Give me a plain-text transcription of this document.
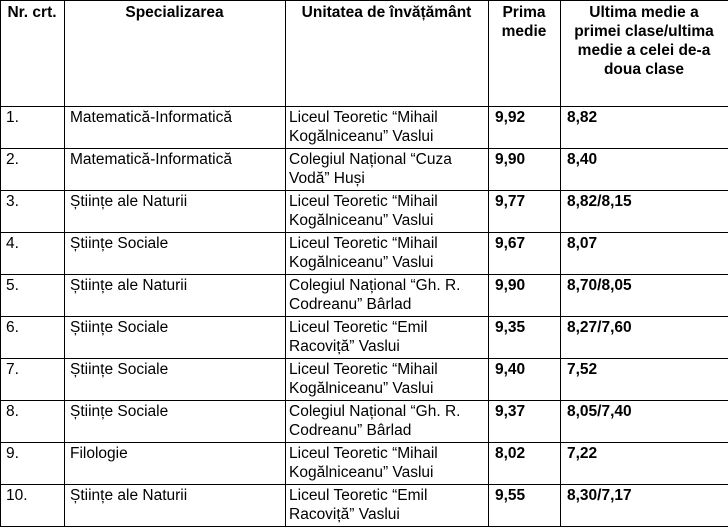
Nr. crt.	Specializarea	Unitatea de învățământ	Prima medie	Ultima medie a primei clase/ultima medie a celei de-a doua clase
1.	Matematică-Informatică	Liceul Teoretic “Mihail Kogălniceanu” Vaslui	9,92	8,82
2.	Matematică-Informatică	Colegiul Național “Cuza Vodă” Huși	9,90	8,40
3.	Științe ale Naturii	Liceul Teoretic “Mihail Kogălniceanu” Vaslui	9,77	8,82/8,15
4.	Științe Sociale	Liceul Teoretic “Mihail Kogălniceanu” Vaslui	9,67	8,07
5.	Științe ale Naturii	Colegiul Național “Gh. R. Codreanu” Bârlad	9,90	8,70/8,05
6.	Științe Sociale	Liceul Teoretic “Emil Racoviță” Vaslui	9,35	8,27/7,60
7.	Științe Sociale	Liceul Teoretic “Mihail Kogălniceanu” Vaslui	9,40	7,52
8.	Științe Sociale	Colegiul Național “Gh. R. Codreanu” Bârlad	9,37	8,05/7,40
9.	Filologie	Liceul Teoretic “Mihail Kogălniceanu” Vaslui	8,02	7,22
10.	Științe ale Naturii	Liceul Teoretic “Emil Racoviță” Vaslui	9,55	8,30/7,17
